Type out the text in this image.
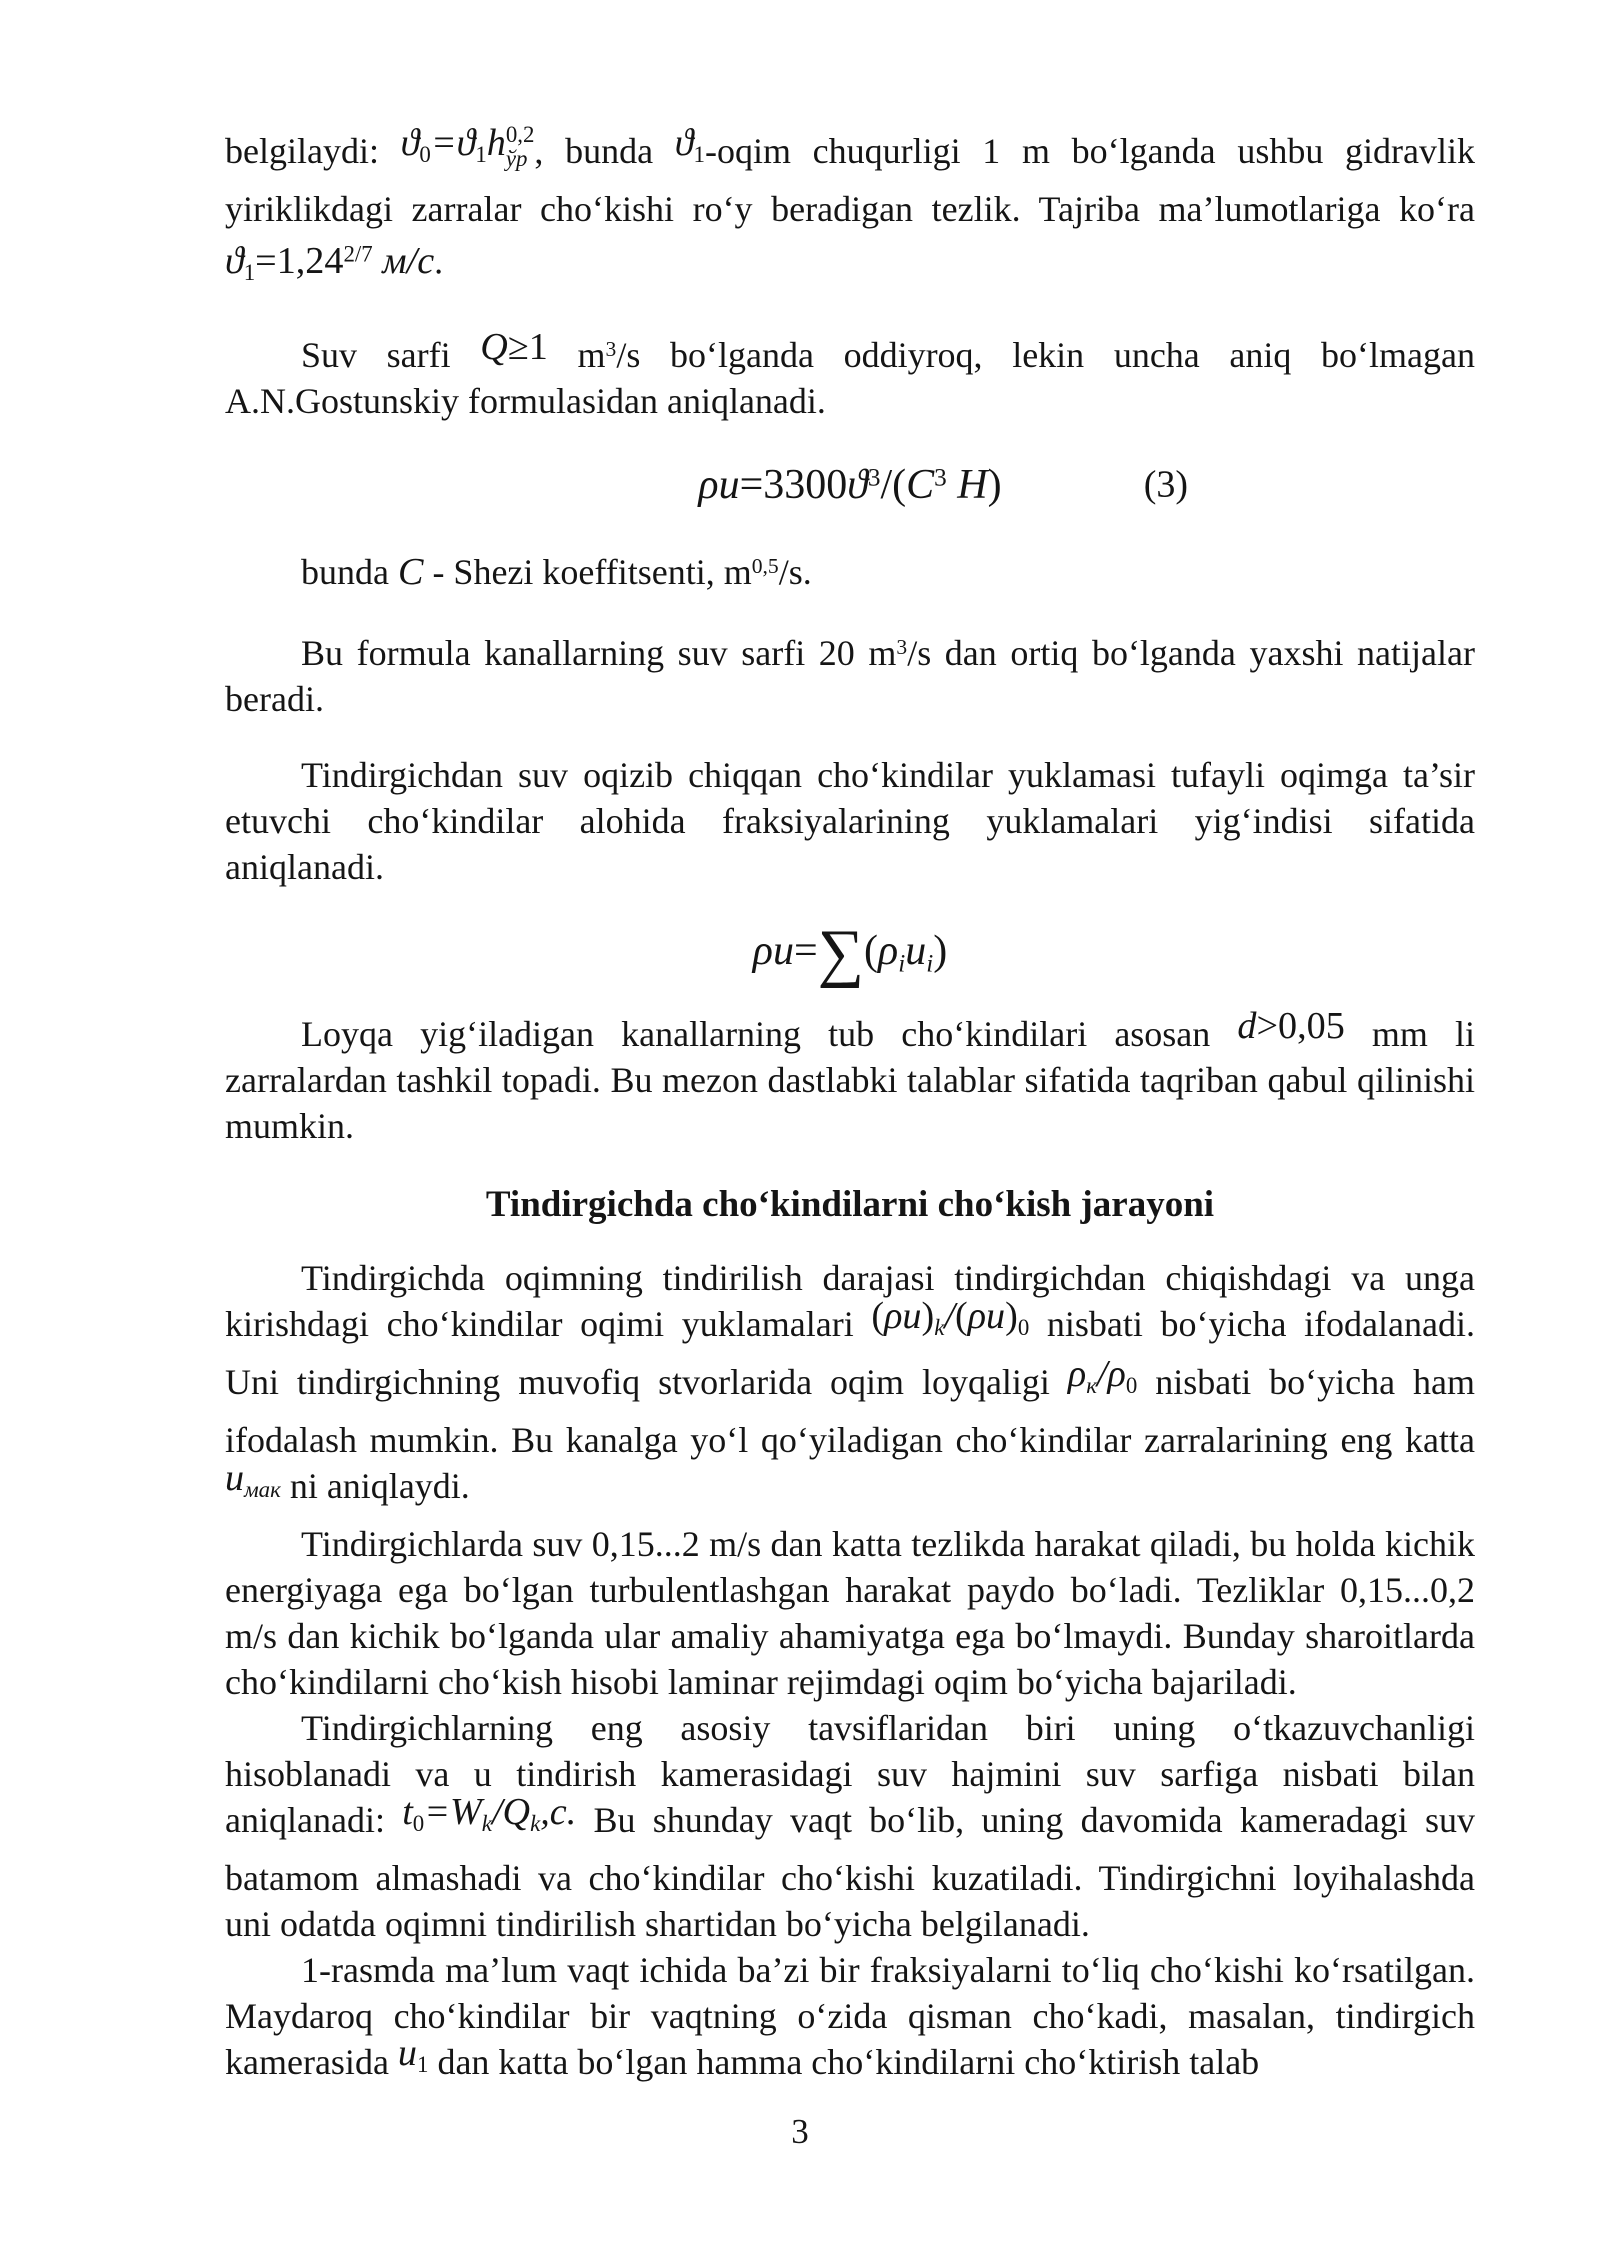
belgilaydi: ϑ0=ϑ1h 0,2
ўр , bunda ϑ1-oqim chuqurligi 1 m bo‘lganda ushbu gidravlik yiriklikdagi zarralar cho‘kishi ro‘y beradigan tezlik. Tajriba ma’lumotlariga ko‘ra $ϑ1=1,24^{2/7}$ м/с.

Suv sarfi Q≥1 $m^3/s$ bo‘lganda oddiyroq, lekin uncha aniq bo‘lmagan A.N.Gostunskiy formulasidan aniqlanadi.

$\rho u=3300ϑ^3/(C^3$ H)	(3)

bunda C - Shezi koeffitsenti, $m^{0,5}/s$.

Bu formula kanallarning suv sarfi 20 $m^3/s$ dan ortiq bo‘lganda yaxshi natijalar beradi.

Tindirgichdan suv oqizib chiqqan cho‘kindilar yuklamasi tufayli oqimga ta’sir etuvchi cho‘kindilar alohida fraksiyalarining yuklamalari yig‘indisi sifatida aniqlanadi.

ρu=∑(ρiui)

Loyqa yig‘iladigan kanallarning tub cho‘kindilari asosan d>0,05 mm li zarralardan tashkil topadi. Bu mezon dastlabki talablar sifatida taqriban qabul qilinishi mumkin.

Tindirgichda cho‘kindilarni cho‘kish jarayoni

Tindirgichda oqimning tindirilish darajasi tindirgichdan chiqishdagi va unga kirishdagi cho‘kindilar oqimi yuklamalari (ρu)k/(ρu)0 nisbati bo‘yicha ifodalanadi. Uni tindirgichning muvofiq stvorlarida oqim loyqaligi ρк/ρ0 nisbati bo‘yicha ham ifodalash mumkin. Bu kanalga yo‘l qo‘yiladigan cho‘kindilar zarralarining eng katta uмак ni aniqlaydi.

Tindirgichlarda suv 0,15...2 m/s dan katta tezlikda harakat qiladi, bu holda kichik energiyaga ega bo‘lgan turbulentlashgan harakat paydo bo‘ladi. Tezliklar 0,15...0,2 m/s dan kichik bo‘lganda ular amaliy ahamiyatga ega bo‘lmaydi. Bunday sharoitlarda cho‘kindilarni cho‘kish hisobi laminar rejimdagi oqim bo‘yicha bajariladi.

Tindirgichlarning eng asosiy tavsiflaridan biri uning o‘tkazuvchanligi hisoblanadi va u tindirish kamerasidagi suv hajmini suv sarfiga nisbati bilan aniqlanadi: t0=Wk/Qk,c. Bu shunday vaqt bo‘lib, uning davomida kameradagi suv batamom almashadi va cho‘kindilar cho‘kishi kuzatiladi. Tindirgichni loyihalashda uni odatda oqimni tindirilish shartidan bo‘yicha belgilanadi.

1-rasmda ma’lum vaqt ichida ba’zi bir fraksiyalarni to‘liq cho‘kishi ko‘rsatilgan. Maydaroq cho‘kindilar bir vaqtning o‘zida qisman cho‘kadi, masalan, tindirgich kamerasida u1 dan katta bo‘lgan hamma cho‘kindilarni cho‘ktirish talab

3
